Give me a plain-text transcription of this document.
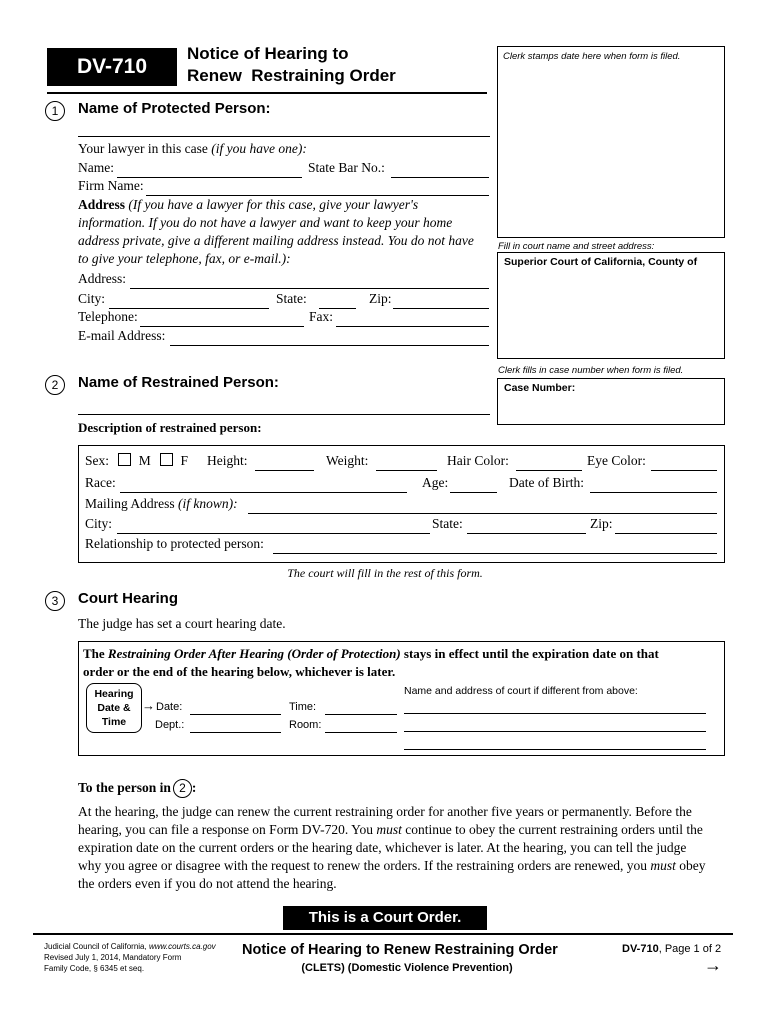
DV-710
Notice of Hearing to
Renew  Restraining Order
Clerk stamps date here when form is filed.
Fill in court name and street address:
Superior Court of California, County of
Clerk fills in case number when form is filed.
Case Number:
1	Name of Protected Person:
Your lawyer in this case (if you have one):
Name:	State Bar No.:
Firm Name:
Address (If you have a lawyer for this case, give your lawyer's
information. If you do not have a lawyer and want to keep your home
address private, give a different mailing address instead. You do not have
to give your telephone, fax, or e-mail.):
Address:
City:	State:	Zip:
Telephone:	Fax:
E-mail Address:
2	Name of Restrained Person:
Description of restrained person:
Sex: M F Height:	Weight:	Hair Color:	Eye Color:
Race:	Age:	Date of Birth:
Mailing Address (if known):
City:	State:	Zip:
Relationship to protected person:
The court will fill in the rest of this form.
3	Court Hearing
The judge has set a court hearing date.
The Restraining Order After Hearing (Order of Protection) stays in effect until the expiration date on that
order or the end of the hearing below, whichever is later.
Hearing
Date &
Time
→ Date:	Time:
Dept.:	Room:
Name and address of court if different from above:
To the person in 2 :
At the hearing, the judge can renew the current restraining order for another five years or permanently. Before the
hearing, you can file a response on Form DV-720. You must continue to obey the current restraining orders until the
expiration date on the current orders or the hearing date, whichever is later. At the hearing, you can tell the judge
why you agree or disagree with the request to renew the orders. If the restraining orders are renewed, you must obey
the orders even if you do not attend the hearing.
This is a Court Order.
Judicial Council of California, www.courts.ca.gov
Revised July 1, 2014, Mandatory Form
Family Code, § 6345 et seq.
Notice of Hearing to Renew Restraining Order
(CLETS) (Domestic Violence Prevention)
DV-710, Page 1 of 2
→
